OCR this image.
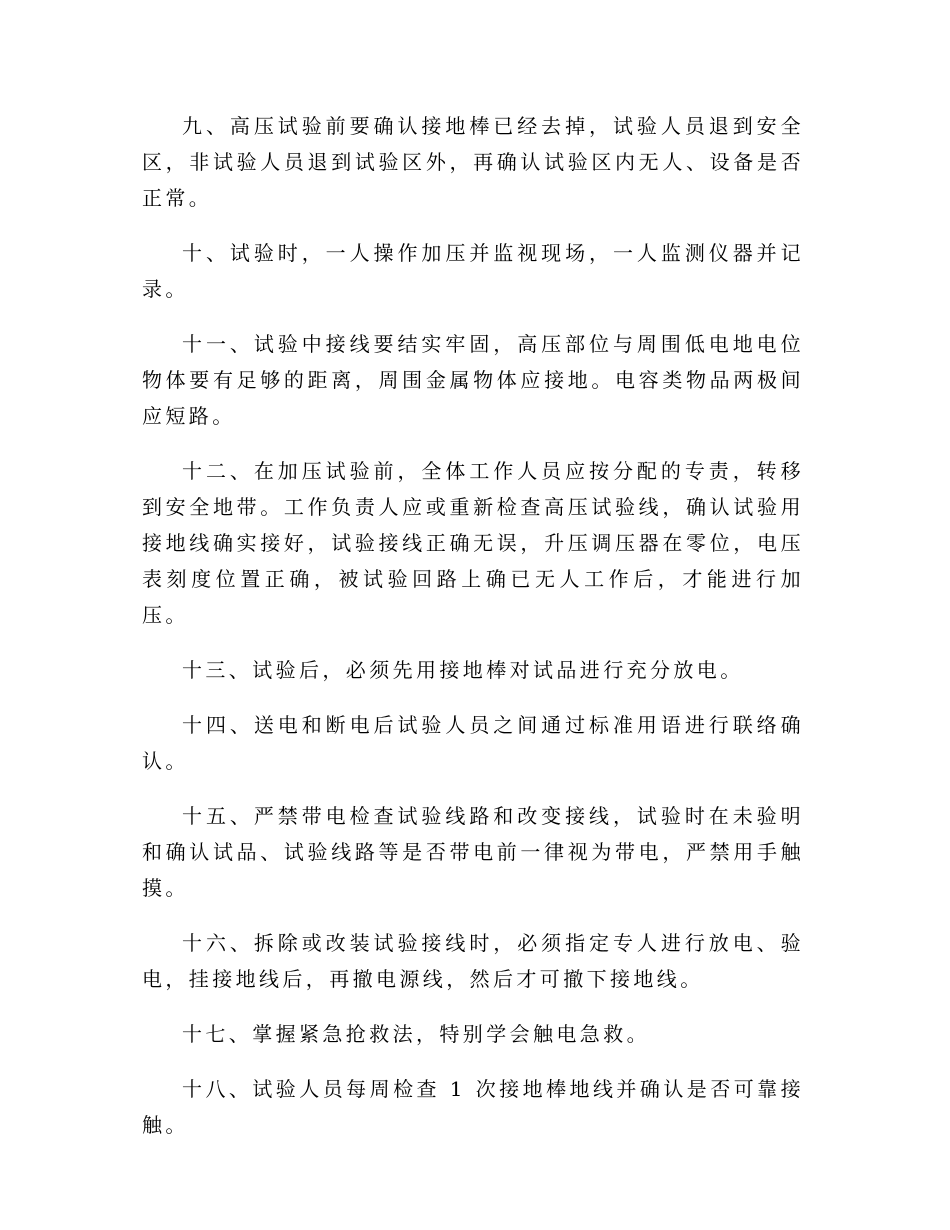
九、高压试验前要确认接地棒已经去掉，试验人员退到安全区，非试验人员退到试验区外，再确认试验区内无人、设备是否正常。

十、试验时，一人操作加压并监视现场，一人监测仪器并记录。

十一、试验中接线要结实牢固，高压部位与周围低电地电位物体要有足够的距离，周围金属物体应接地。电容类物品两极间应短路。

十二、在加压试验前，全体工作人员应按分配的专责，转移到安全地带。工作负责人应或重新检查高压试验线，确认试验用接地线确实接好，试验接线正确无误，升压调压器在零位，电压表刻度位置正确，被试验回路上确已无人工作后，才能进行加压。

十三、试验后，必须先用接地棒对试品进行充分放电。

十四、送电和断电后试验人员之间通过标准用语进行联络确认。

十五、严禁带电检查试验线路和改变接线，试验时在未验明和确认试品、试验线路等是否带电前一律视为带电，严禁用手触摸。

十六、拆除或改装试验接线时，必须指定专人进行放电、验电，挂接地线后，再撤电源线，然后才可撤下接地线。

十七、掌握紧急抢救法，特别学会触电急救。

十八、试验人员每周检查 1 次接地棒地线并确认是否可靠接触。
